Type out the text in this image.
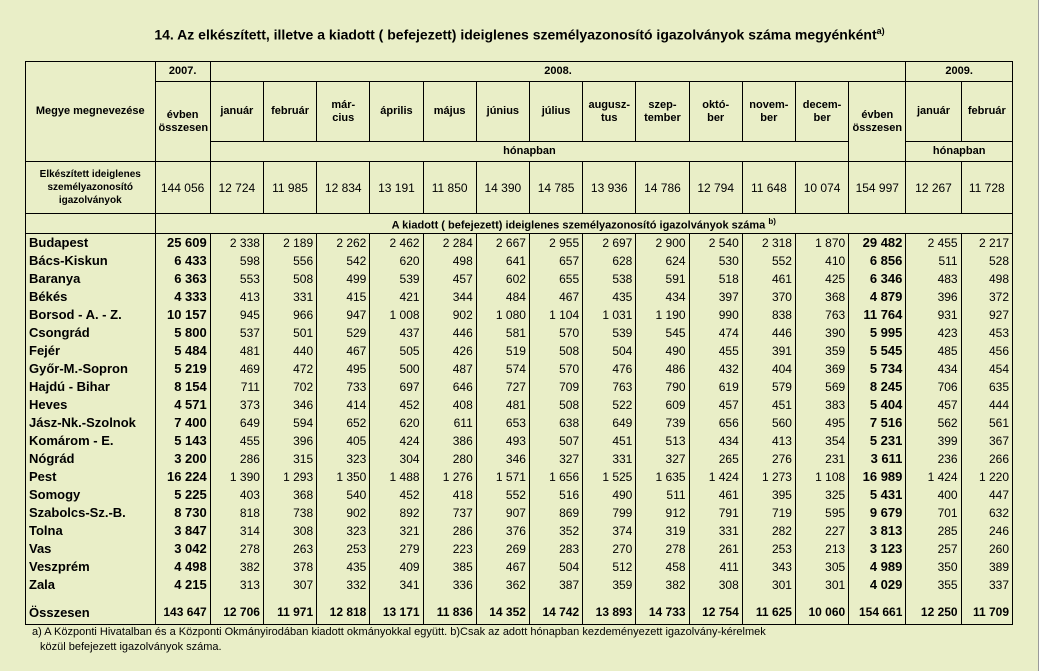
14. Az elkészített, illetve a kiadott ( befejezett) ideiglenes személyazonosító igazolványok száma megyénként$^{a)}$
Megye megnevezése	2007.	2008.													2009.	
	évben összesen	január	február	már- cius	április	május	június	július	augusz- tus	szep- tember	októ- ber	novem- ber	decem- ber	évben összesen	január	február
		hónapban													hónapban	
Elkészített ideiglenes személyazonosító igazolványok	144 056	12 724	11 985	12 834	13 191	11 850	14 390	14 785	13 936	14 786	12 794	11 648	10 074	154 997	12 267	11 728
	A kiadott ( befejezett) ideiglenes személyazonosító igazolványok száma $^{b)}$
Budapest	25 609	2 338	2 189	2 262	2 462	2 284	2 667	2 955	2 697	2 900	2 540	2 318	1 870	29 482	2 455	2 217
Bács-Kiskun	6 433	598	556	542	620	498	641	657	628	624	530	552	410	6 856	511	528
Baranya	6 363	553	508	499	539	457	602	655	538	591	518	461	425	6 346	483	498
Békés	4 333	413	331	415	421	344	484	467	435	434	397	370	368	4 879	396	372
Borsod - A. - Z.	10 157	945	966	947	1 008	902	1 080	1 104	1 031	1 190	990	838	763	11 764	931	927
Csongrád	5 800	537	501	529	437	446	581	570	539	545	474	446	390	5 995	423	453
Fejér	5 484	481	440	467	505	426	519	508	504	490	455	391	359	5 545	485	456
Győr-M.-Sopron	5 219	469	472	495	500	487	574	570	476	486	432	404	369	5 734	434	454
Hajdú - Bihar	8 154	711	702	733	697	646	727	709	763	790	619	579	569	8 245	706	635
Heves	4 571	373	346	414	452	408	481	508	522	609	457	451	383	5 404	457	444
Jász-Nk.-Szolnok	7 400	649	594	652	620	611	653	638	649	739	656	560	495	7 516	562	561
Komárom - E.	5 143	455	396	405	424	386	493	507	451	513	434	413	354	5 231	399	367
Nógrád	3 200	286	315	323	304	280	346	327	331	327	265	276	231	3 611	236	266
Pest	16 224	1 390	1 293	1 350	1 488	1 276	1 571	1 656	1 525	1 635	1 424	1 273	1 108	16 989	1 424	1 220
Somogy	5 225	403	368	540	452	418	552	516	490	511	461	395	325	5 431	400	447
Szabolcs-Sz.-B.	8 730	818	738	902	892	737	907	869	799	912	791	719	595	9 679	701	632
Tolna	3 847	314	308	323	321	286	376	352	374	319	331	282	227	3 813	285	246
Vas	3 042	278	263	253	279	223	269	283	270	278	261	253	213	3 123	257	260
Veszprém	4 498	382	378	435	409	385	467	504	512	458	411	343	305	4 989	350	389
Zala	4 215	313	307	332	341	336	362	387	359	382	308	301	301	4 029	355	337

Összesen	143 647	12 706	11 971	12 818	13 171	11 836	14 352	14 742	13 893	14 733	12 754	11 625	10 060	154 661	12 250	11 709
a) A Központi Hivatalban és a Központi Okmányirodában kiadott okmányokkal együtt. b)Csak az adott hónapban kezdeményezett igazolvány-kérelmek
közül befejezett igazolványok száma.
